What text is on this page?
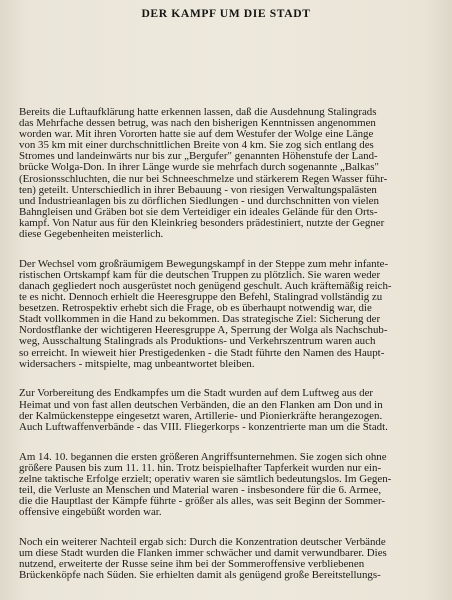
DER KAMPF UM DIE STADT
Bereits die Luftaufklärung hatte erkennen lassen, daß die Ausdehnung Stalingrads
das Mehrfache dessen betrug, was nach den bisherigen Kenntnissen angenommen
worden war. Mit ihren Vororten hatte sie auf dem Westufer der Wolge eine Länge
von 35 km mit einer durchschnittlichen Breite von 4 km. Sie zog sich entlang des
Stromes und landeinwärts nur bis zur „Bergufer" genannten Höhenstufe der Land-
brücke Wolga-Don. In ihrer Länge wurde sie mehrfach durch sogenannte „Balkas"
(Erosionsschluchten, die nur bei Schneeschmelze und stärkerem Regen Wasser führ-
ten) geteilt. Unterschiedlich in ihrer Bebauung - von riesigen Verwaltungspalästen
und Industrieanlagen bis zu dörflichen Siedlungen - und durchschnitten von vielen
Bahngleisen und Gräben bot sie dem Verteidiger ein ideales Gelände für den Orts-
kampf. Von Natur aus für den Kleinkrieg besonders prädestiniert, nutzte der Gegner
diese Gegebenheiten meisterlich.
Der Wechsel vom großräumigem Bewegungskampf in der Steppe zum mehr infante-
ristischen Ortskampf kam für die deutschen Truppen zu plötzlich. Sie waren weder
danach gegliedert noch ausgerüstet noch genügend geschult. Auch kräftemäßig reich-
te es nicht. Dennoch erhielt die Heeresgruppe den Befehl, Stalingrad vollständig zu
besetzen. Retrospektiv erhebt sich die Frage, ob es überhaupt notwendig war, die
Stadt vollkommen in die Hand zu bekommen. Das strategische Ziel: Sicherung der
Nordostflanke der wichtigeren Heeresgruppe A, Sperrung der Wolga als Nachschub-
weg, Ausschaltung Stalingrads als Produktions- und Verkehrszentrum waren auch
so erreicht. In wieweit hier Prestigedenken - die Stadt führte den Namen des Haupt-
widersachers - mitspielte, mag unbeantwortet bleiben.
Zur Vorbereitung des Endkampfes um die Stadt wurden auf dem Luftweg aus der
Heimat und von fast allen deutschen Verbänden, die an den Flanken am Don und in
der Kalmückensteppe eingesetzt waren, Artillerie- und Pionierkräfte herangezogen.
Auch Luftwaffenverbände - das VIII. Fliegerkorps - konzentrierte man um die Stadt.
Am 14. 10. begannen die ersten größeren Angriffsunternehmen. Sie zogen sich ohne
größere Pausen bis zum 11. 11. hin. Trotz beispielhafter Tapferkeit wurden nur ein-
zelne taktische Erfolge erzielt; operativ waren sie sämtlich bedeutungslos. Im Gegen-
teil, die Verluste an Menschen und Material waren - insbesondere für die 6. Armee,
die die Hauptlast der Kämpfe führte - größer als alles, was seit Beginn der Sommer-
offensive eingebüßt worden war.
Noch ein weiterer Nachteil ergab sich: Durch die Konzentration deutscher Verbände
um diese Stadt wurden die Flanken immer schwächer und damit verwundbarer. Dies
nutzend, erweiterte der Russe seine ihm bei der Sommeroffensive verbliebenen
Brückenköpfe nach Süden. Sie erhielten damit als genügend große Bereitstellungs-
